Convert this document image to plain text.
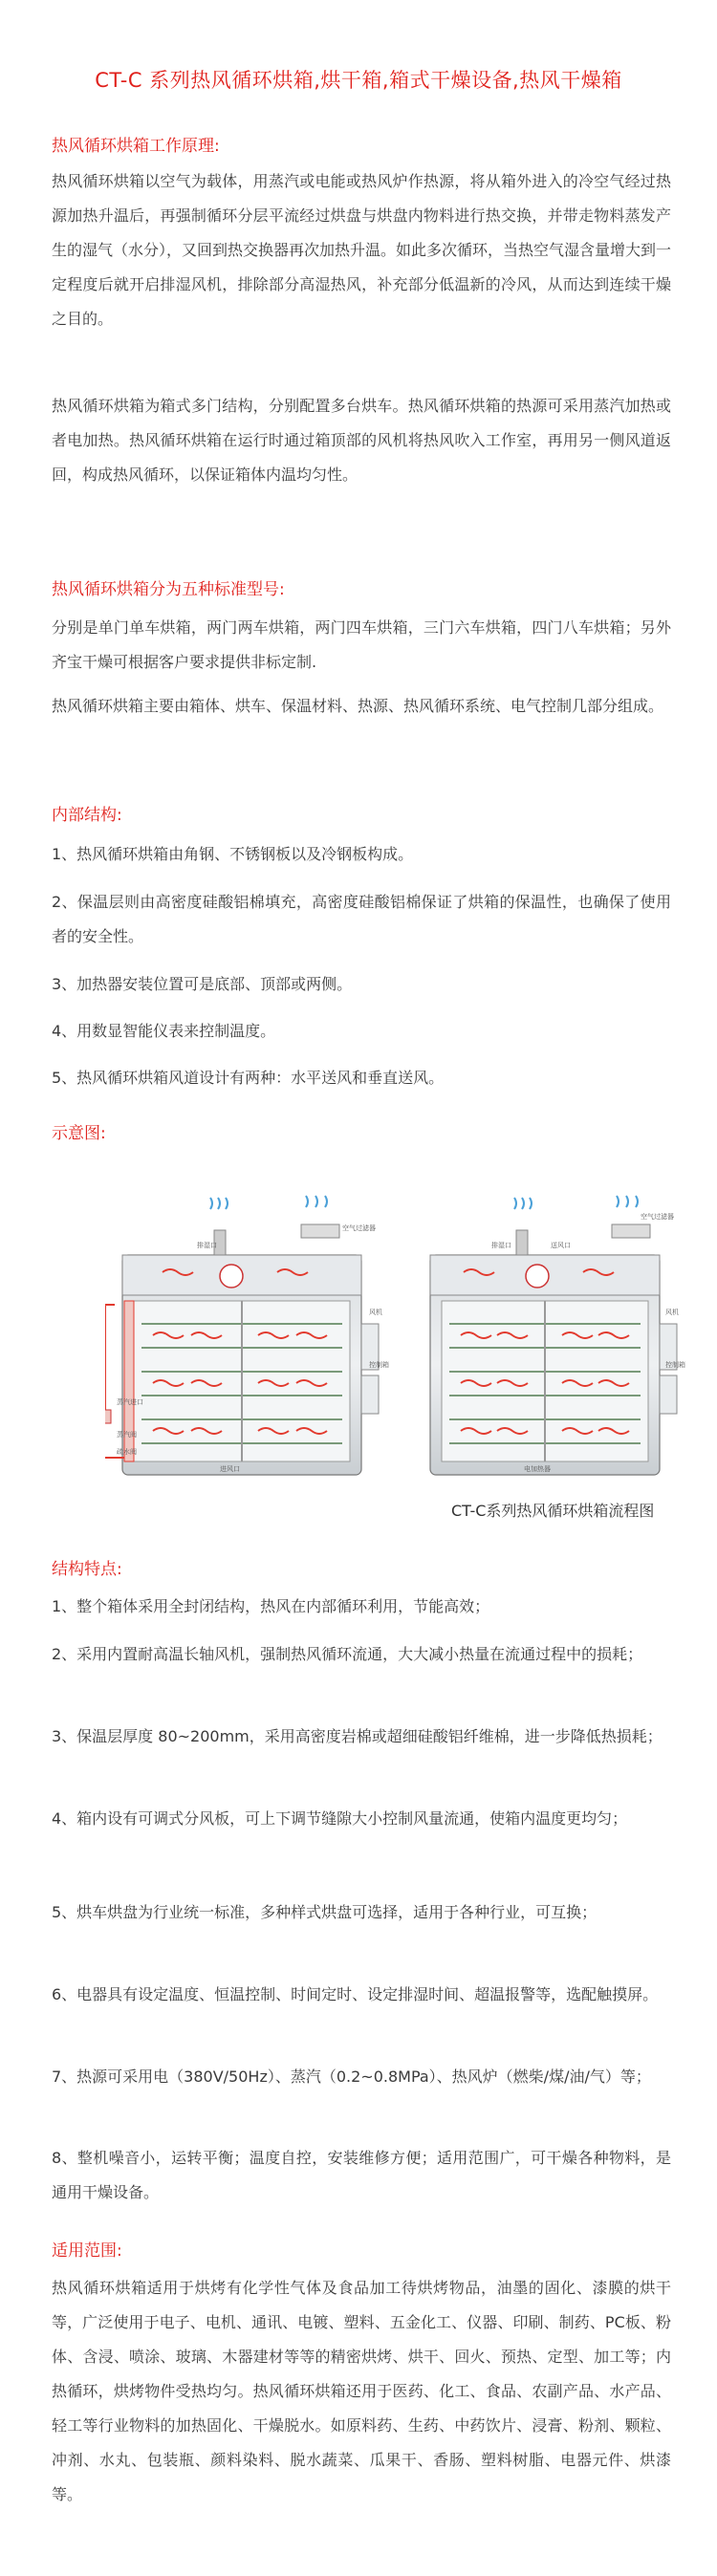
CT-C 系列热风循环烘箱,烘干箱,箱式干燥设备,热风干燥箱
热风循环烘箱工作原理:
热风循环烘箱以空气为载体，用蒸汽或电能或热风炉作热源，将从箱外进入的冷空气经过热源加热升温后，再强制循环分层平流经过烘盘与烘盘内物料进行热交换，并带走物料蒸发产生的湿气（水分），又回到热交换器再次加热升温。如此多次循环，当热空气湿含量增大到一定程度后就开启排湿风机，排除部分高湿热风，补充部分低温新的冷风，从而达到连续干燥之目的。
热风循环烘箱为箱式多门结构，分别配置多台烘车。热风循环烘箱的热源可采用蒸汽加热或者电加热。热风循环烘箱在运行时通过箱顶部的风机将热风吹入工作室，再用另一侧风道返回，构成热风循环，以保证箱体内温均匀性。
热风循环烘箱分为五种标准型号:
分别是单门单车烘箱，两门两车烘箱，两门四车烘箱，三门六车烘箱，四门八车烘箱；另外齐宝干燥可根据客户要求提供非标定制.
热风循环烘箱主要由箱体、烘车、保温材料、热源、热风循环系统、电气控制几部分组成。
内部结构:
1、热风循环烘箱由角钢、不锈钢板以及冷钢板构成。
2、保温层则由高密度硅酸铝棉填充，高密度硅酸铝棉保证了烘箱的保温性，也确保了使用者的安全性。
3、加热器安装位置可是底部、顶部或两侧。
4、用数显智能仪表来控制温度。
5、热风循环烘箱风道设计有两种：水平送风和垂直送风。
示意图:
排湿口
空气过滤器
风机
控制箱
蒸汽进口
蒸汽阀
疏水阀
进风口
排湿口	送风口
空气过滤器
风机
控制箱
电加热器
CT-C系列热风循环烘箱流程图
结构特点:
1、整个箱体采用全封闭结构，热风在内部循环利用，节能高效；
2、采用内置耐高温长轴风机，强制热风循环流通，大大减小热量在流通过程中的损耗；
3、保温层厚度 80~200mm，采用高密度岩棉或超细硅酸铝纤维棉，进一步降低热损耗；
4、箱内设有可调式分风板，可上下调节缝隙大小控制风量流通，使箱内温度更均匀；
5、烘车烘盘为行业统一标准，多种样式烘盘可选择，适用于各种行业，可互换；
6、电器具有设定温度、恒温控制、时间定时、设定排湿时间、超温报警等，选配触摸屏。
7、热源可采用电（380V/50Hz）、蒸汽（0.2~0.8MPa）、热风炉（燃柴/煤/油/气）等；
8、整机噪音小，运转平衡；温度自控，安装维修方便；适用范围广，可干燥各种物料，是通用干燥设备。
适用范围:
热风循环烘箱适用于烘烤有化学性气体及食品加工待烘烤物品，油墨的固化、漆膜的烘干等，广泛使用于电子、电机、通讯、电镀、塑料、五金化工、仪器、印刷、制药、PC板、粉体、含浸、喷涂、玻璃、木器建材等等的精密烘烤、烘干、回火、预热、定型、加工等；内热循环，烘烤物件受热均匀。热风循环烘箱还用于医药、化工、食品、农副产品、水产品、轻工等行业物料的加热固化、干燥脱水。如原料药、生药、中药饮片、浸膏、粉剂、颗粒、冲剂、水丸、包装瓶、颜料染料、脱水蔬菜、瓜果干、香肠、塑料树脂、电器元件、烘漆等。
